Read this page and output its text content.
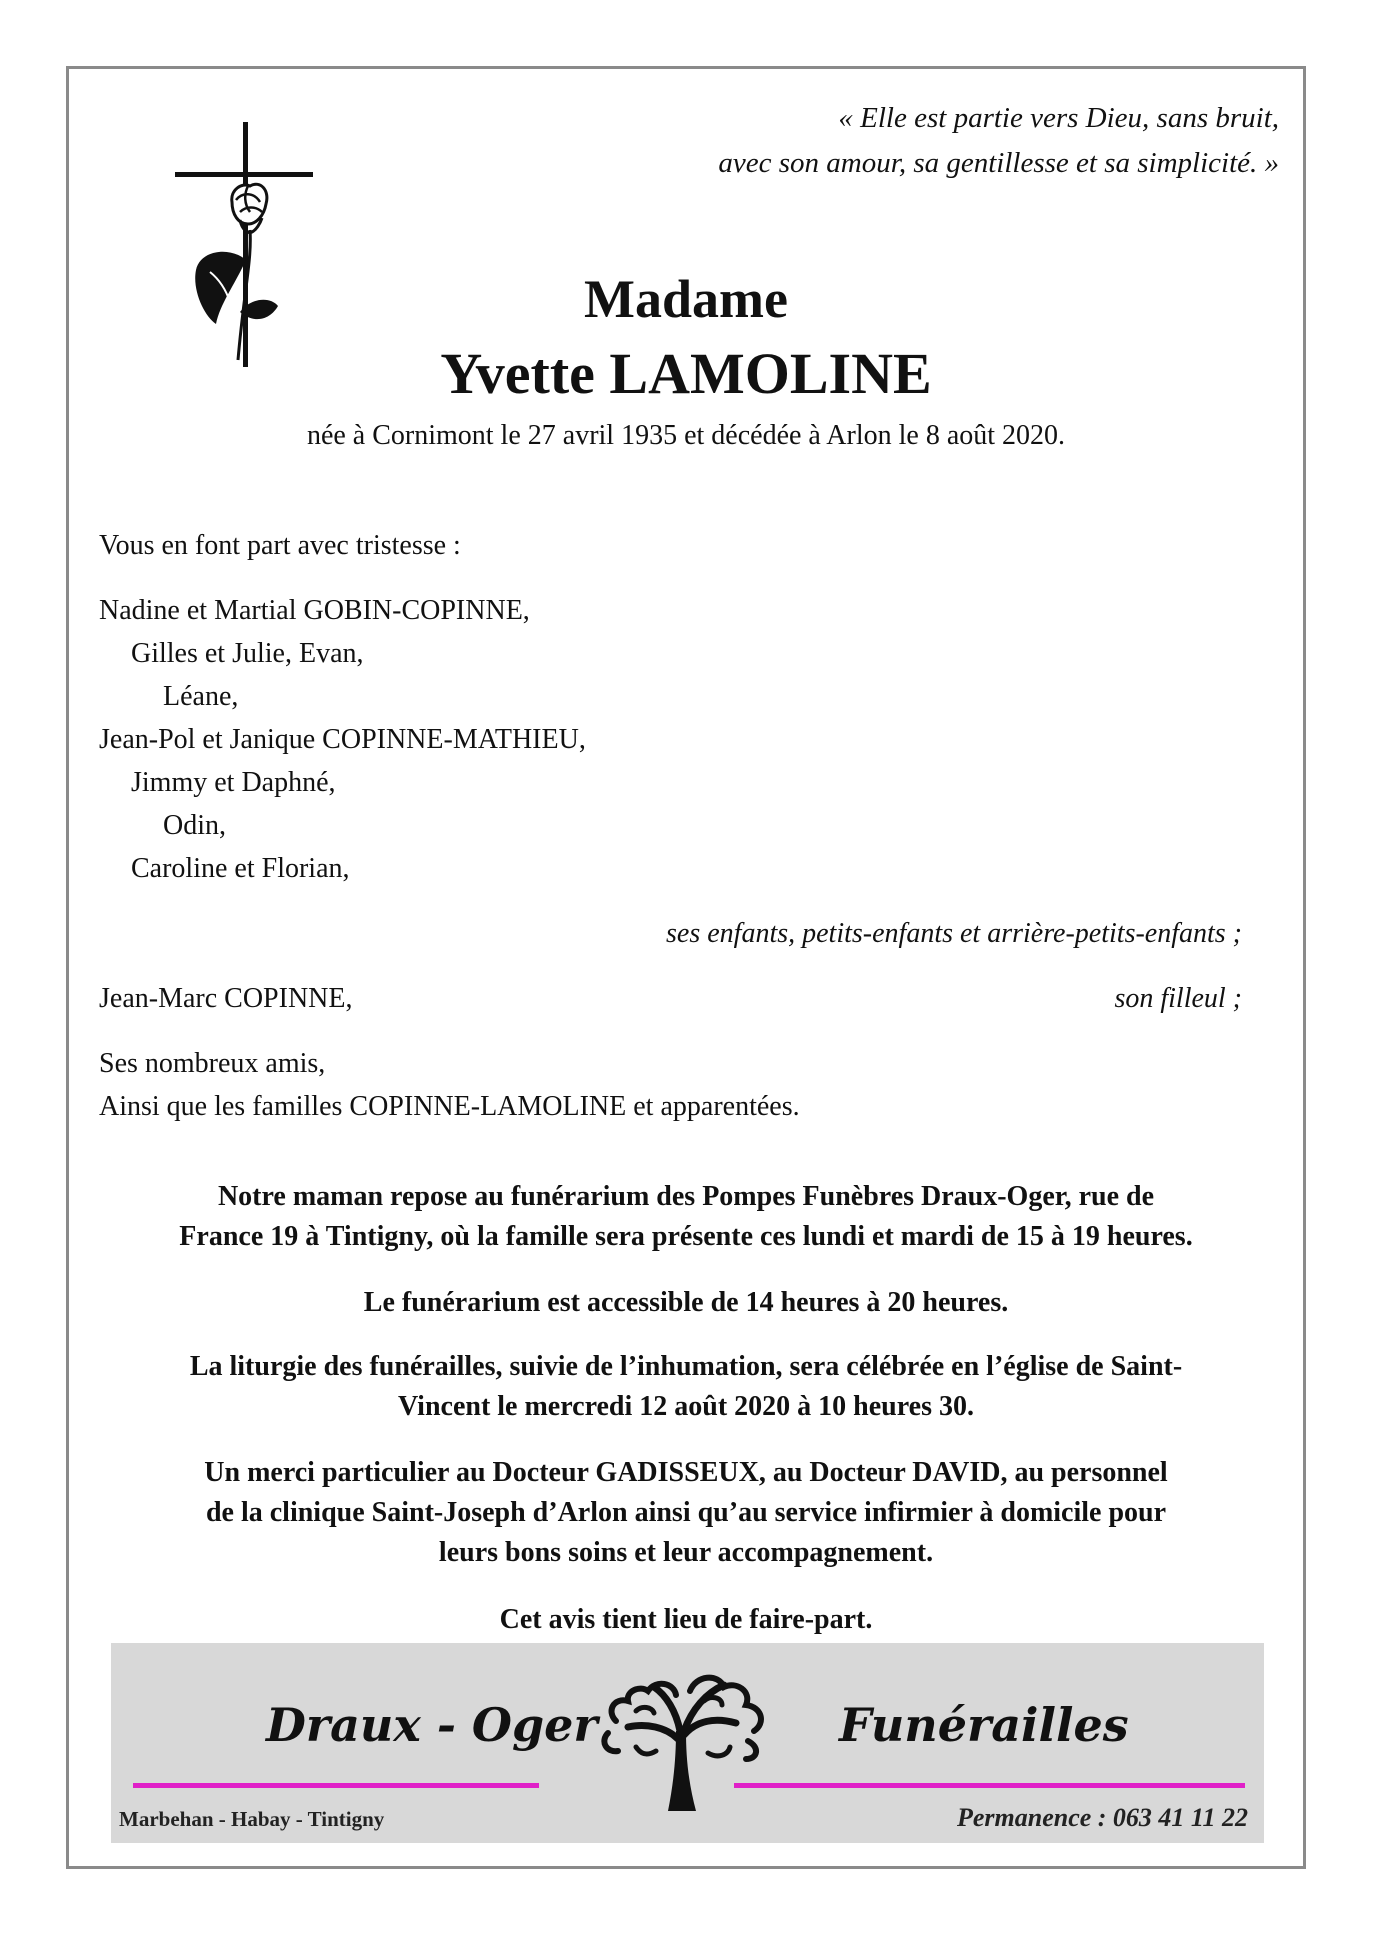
« Elle est partie vers Dieu, sans bruit,
avec son amour, sa gentillesse et sa simplicité. »
Madame
Yvette LAMOLINE
née à Cornimont le 27 avril 1935 et décédée à Arlon le 8 août 2020.
Vous en font part avec tristesse :
Nadine et Martial GOBIN-COPINNE,
Gilles et Julie, Evan,
Léane,
Jean-Pol et Janique COPINNE-MATHIEU,
Jimmy et Daphné,
Odin,
Caroline et Florian,
ses enfants, petits-enfants et arrière-petits-enfants ;
Jean-Marc COPINNE,	son filleul ;
Ses nombreux amis,
Ainsi que les familles COPINNE-LAMOLINE et apparentées.
Notre maman repose au funérarium des Pompes Funèbres Draux-Oger, rue de
France 19 à Tintigny, où la famille sera présente ces lundi et mardi de 15 à 19 heures.
Le funérarium est accessible de 14 heures à 20 heures.
La liturgie des funérailles, suivie de l’inhumation, sera célébrée en l’église de Saint-
Vincent le mercredi 12 août 2020 à 10 heures 30.
Un merci particulier au Docteur GADISSEUX, au Docteur DAVID, au personnel
de la clinique Saint-Joseph d’Arlon ainsi qu’au service infirmier à domicile pour
leurs bons soins et leur accompagnement.
Cet avis tient lieu de faire-part.
Draux - Oger	Funérailles
Marbehan - Habay - Tintigny	Permanence : 063 41 11 22
